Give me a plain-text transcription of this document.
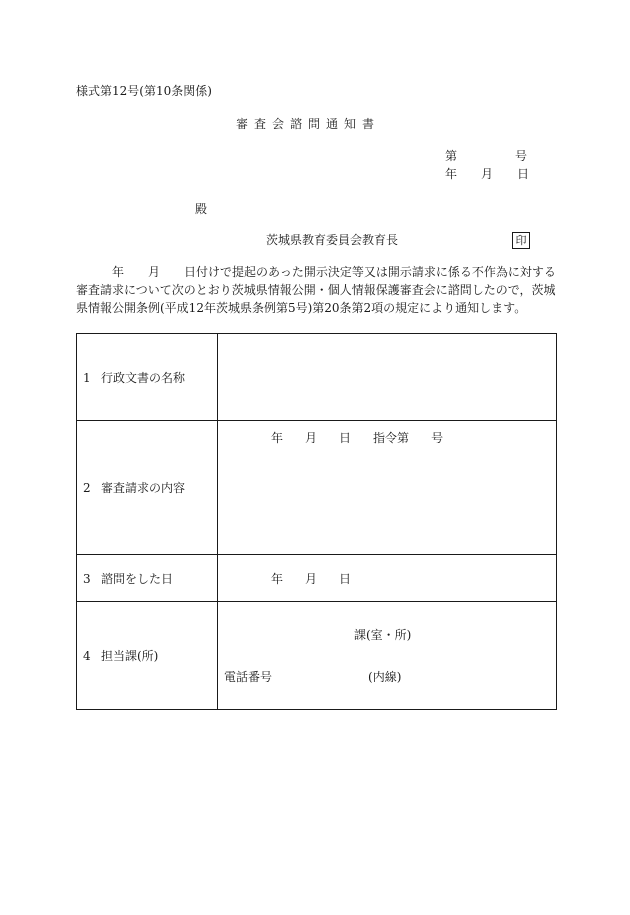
様式第12号(第10条関係)
審査会諮問通知書
第	号
年 月 日
殿
茨城県教育委員会教育長	印
年 月 日付けで提起のあった開示決定等又は開示請求に係る不作為に対する審査請求について次のとおり茨城県情報公開・個人情報保護審査会に諮問したので，茨城県情報公開条例(平成12年茨城県条例第5号)第20条第2項の規定により通知します。
1 行政文書の名称	
2 審査請求の内容	年 月 日 指令第 号

3 諮問をした日	年 月 日
4 担当課(所)	課(室・所)
電話番号 (内線)
